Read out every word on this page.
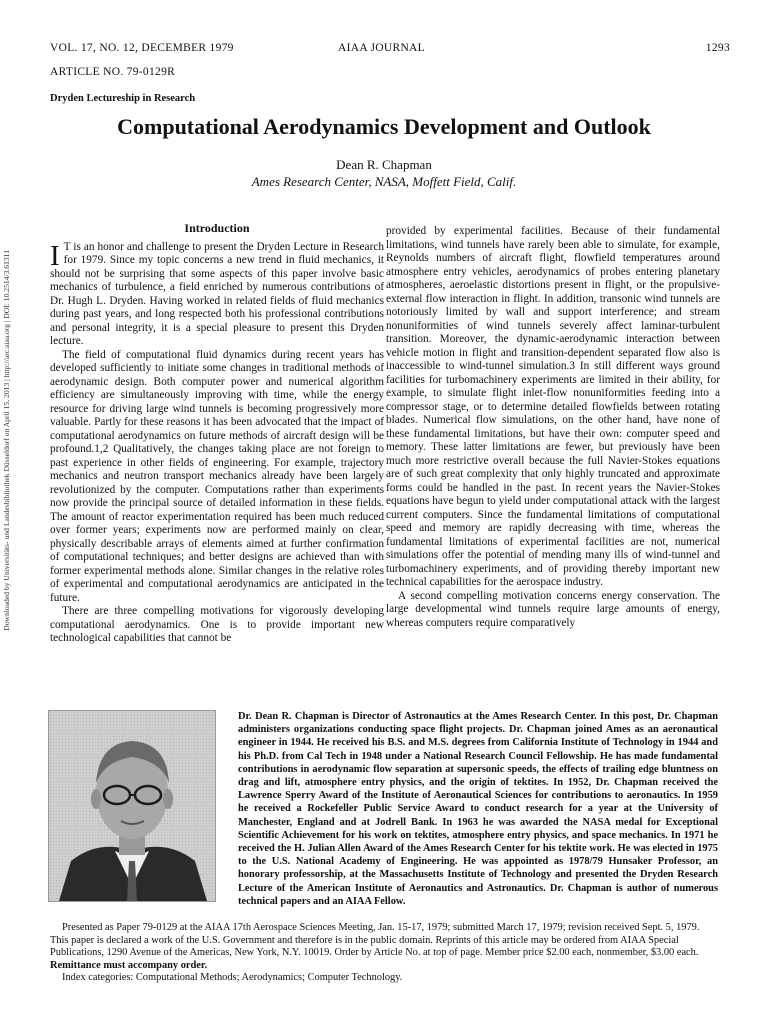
VOL. 17, NO. 12, DECEMBER 1979	AIAA JOURNAL	1293
ARTICLE NO. 79-0129R
Dryden Lectureship in Research
Computational Aerodynamics Development and Outlook
Dean R. Chapman
Ames Research Center, NASA, Moffett Field, Calif.
Downloaded by Universitäts- und Landesbibliothek Düsseldorf on April 15, 2013 | http://arc.aiaa.org | DOI: 10.2514/3.61311
Introduction

I T is an honor and challenge to present the Dryden Lecture in Research for 1979. Since my topic concerns a new trend in fluid mechanics, it should not be surprising that some aspects of this paper involve basic mechanics of turbulence, a field enriched by numerous contributions of Dr. Hugh L. Dryden. Having worked in related fields of fluid mechanics during past years, and long respected both his professional contributions and personal integrity, it is a special pleasure to present this Dryden lecture.

The field of computational fluid dynamics during recent years has developed sufficiently to initiate some changes in traditional methods of aerodynamic design. Both computer power and numerical algorithm efficiency are simultaneously improving with time, while the energy resource for driving large wind tunnels is becoming progressively more valuable. Partly for these reasons it has been advocated that the impact of computational aerodynamics on future methods of aircraft design will be profound.1,2 Qualitatively, the changes taking place are not foreign to past experience in other fields of engineering. For example, trajectory mechanics and neutron transport mechanics already have been largely revolutionized by the computer. Computations rather than experiments now provide the principal source of detailed information in these fields. The amount of reactor experimentation required has been much reduced over former years; experiments now are performed mainly on clear, physically describable arrays of elements aimed at further confirmation of computational techniques; and better designs are achieved than with former experimental methods alone. Similar changes in the relative roles of experimental and computational aerodynamics are anticipated in the future.

There are three compelling motivations for vigorously developing computational aerodynamics. One is to provide important new technological capabilities that cannot be

provided by experimental facilities. Because of their fundamental limitations, wind tunnels have rarely been able to simulate, for example, Reynolds numbers of aircraft flight, flowfield temperatures around atmosphere entry vehicles, aerodynamics of probes entering planetary atmospheres, aeroelastic distortions present in flight, or the propulsive-external flow interaction in flight. In addition, transonic wind tunnels are notoriously limited by wall and support interference; and stream nonuniformities of wind tunnels severely affect laminar-turbulent transition. Moreover, the dynamic-aerodynamic interaction between vehicle motion in flight and transition-dependent separated flow also is inaccessible to wind-tunnel simulation.3 In still different ways ground facilities for turbomachinery experiments are limited in their ability, for example, to simulate flight inlet-flow nonuniformities feeding into a compressor stage, or to determine detailed flowfields between rotating blades. Numerical flow simulations, on the other hand, have none of these fundamental limitations, but have their own: computer speed and memory. These latter limitations are fewer, but previously have been much more restrictive overall because the full Navier-Stokes equations are of such great complexity that only highly truncated and approximate forms could be handled in the past. In recent years the Navier-Stokes equations have begun to yield under computational attack with the largest current computers. Since the fundamental limitations of computational speed and memory are rapidly decreasing with time, whereas the fundamental limitations of experimental facilities are not, numerical simulations offer the potential of mending many ills of wind-tunnel and turbomachinery experiments, and of providing thereby important new technical capabilities for the aerospace industry.

A second compelling motivation concerns energy conservation. The large developmental wind tunnels require large amounts of energy, whereas computers require comparatively

Dr. Dean R. Chapman is Director of Astronautics at the Ames Research Center. In this post, Dr. Chapman administers organizations conducting space flight projects. Dr. Chapman joined Ames as an aeronautical engineer in 1944. He received his B.S. and M.S. degrees from California Institute of Technology in 1944 and his Ph.D. from Cal Tech in 1948 under a National Research Council Fellowship. He has made fundamental contributions in aerodynamic flow separation at supersonic speeds, the effects of trailing edge bluntness on drag and lift, atmosphere entry physics, and the origin of tektites. In 1952, Dr. Chapman received the Lawrence Sperry Award of the Institute of Aeronautical Sciences for contributions to aeronautics. In 1959 he received a Rockefeller Public Service Award to conduct research for a year at the University of Manchester, England and at Jodrell Bank. In 1963 he was awarded the NASA medal for Exceptional Scientific Achievement for his work on tektites, atmosphere entry physics, and space mechanics. In 1971 he received the H. Julian Allen Award of the Ames Research Center for his tektite work. He was elected in 1975 to the U.S. National Academy of Engineering. He was appointed as 1978/79 Hunsaker Professor, an honorary professorship, at the Massachusetts Institute of Technology and presented the Dryden Research Lecture of the American Institute of Aeronautics and Astronautics. Dr. Chapman is author of numerous technical papers and an AIAA Fellow.

Presented as Paper 79-0129 at the AIAA 17th Aerospace Sciences Meeting, Jan. 15-17, 1979; submitted March 17, 1979; revision received Sept. 5, 1979. This paper is declared a work of the U.S. Government and therefore is in the public domain. Reprints of this article may be ordered from AIAA Special Publications, 1290 Avenue of the Americas, New York, N.Y. 10019. Order by Article No. at top of page. Member price $2.00 each, nonmember, $3.00 each. Remittance must accompany order.

Index categories: Computational Methods; Aerodynamics; Computer Technology.
